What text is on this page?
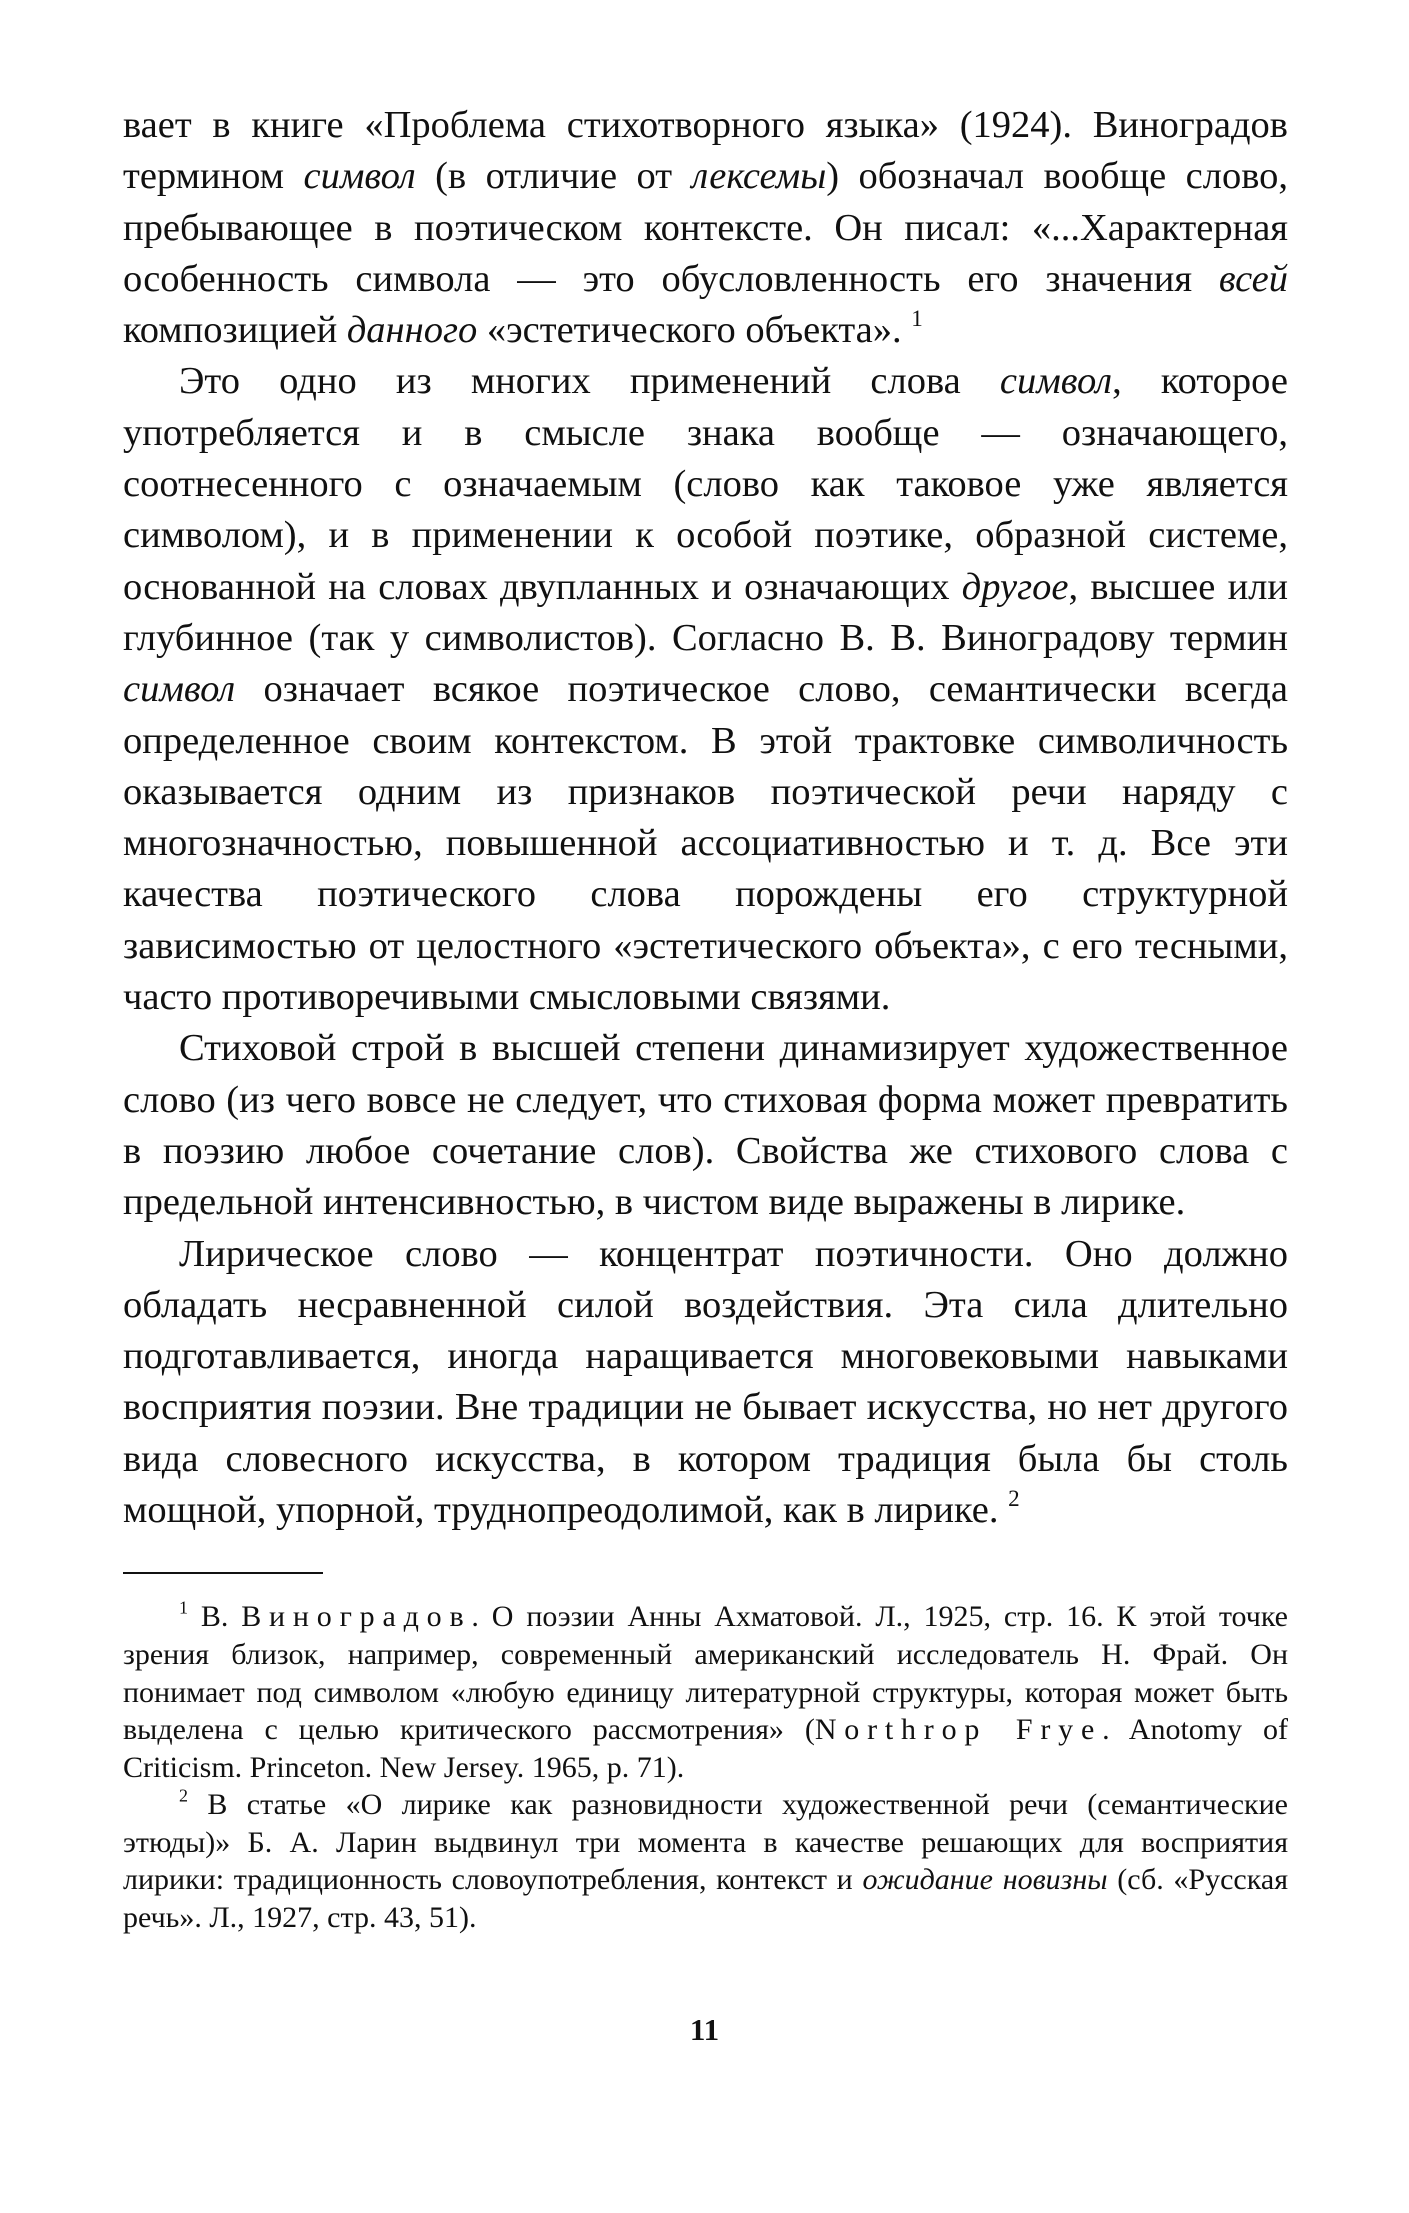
вает в книге «Проблема стихотворного языка» (1924). Виноградов термином символ (в отличие от лексемы) обозначал вообще слово, пребывающее в поэтическом контексте. Он писал: «...Характерная особенность символа — это обусловленность его значения всей композицией данного «эстетического объекта». $^1$

Это одно из многих применений слова символ, которое употребляется и в смысле знака вообще — означающего, соотнесенного с означаемым (слово как таковое уже является символом), и в применении к особой поэтике, образной системе, основанной на словах двупланных и означающих другое, высшее или глубинное (так у символистов). Согласно В. В. Виноградову термин символ означает всякое поэтическое слово, семантически всегда определенное своим контекстом. В этой трактовке символичность оказывается одним из признаков поэтической речи наряду с многозначностью, повышенной ассоциативностью и т. д. Все эти качества поэтического слова порождены его структурной зависимостью от целостного «эстетического объекта», с его тесными, часто противоречивыми смысловыми связями.

Стиховой строй в высшей степени динамизирует художественное слово (из чего вовсе не следует, что стиховая форма может превратить в поэзию любое сочетание слов). Свойства же стихового слова с предельной интенсивностью, в чистом виде выражены в лирике.

Лирическое слово — концентрат поэтичности. Оно должно обладать несравненной силой воздействия. Эта сила длительно подготавливается, иногда наращивается многовековыми навыками восприятия поэзии. Вне традиции не бывает искусства, но нет другого вида словесного искусства, в котором традиция была бы столь мощной, упорной, труднопреодолимой, как в лирике. $^2$

$^1$ В. Виноградов. О поэзии Анны Ахматовой. Л., 1925, стр. 16. К этой точке зрения близок, например, современный американский исследователь Н. Фрай. Он понимает под символом «любую единицу литературной структуры, которая может быть выделена с целью критического рассмотрения» (Northrop Frye. Anotomy of Criticism. Princeton. New Jersey. 1965, p. 71).

$^2$ В статье «О лирике как разновидности художественной речи (семантические этюды)» Б. А. Ларин выдвинул три момента в качестве решающих для восприятия лирики: традиционность словоупотребления, контекст и ожидание новизны (сб. «Русская речь». Л., 1927, стр. 43, 51).

11
